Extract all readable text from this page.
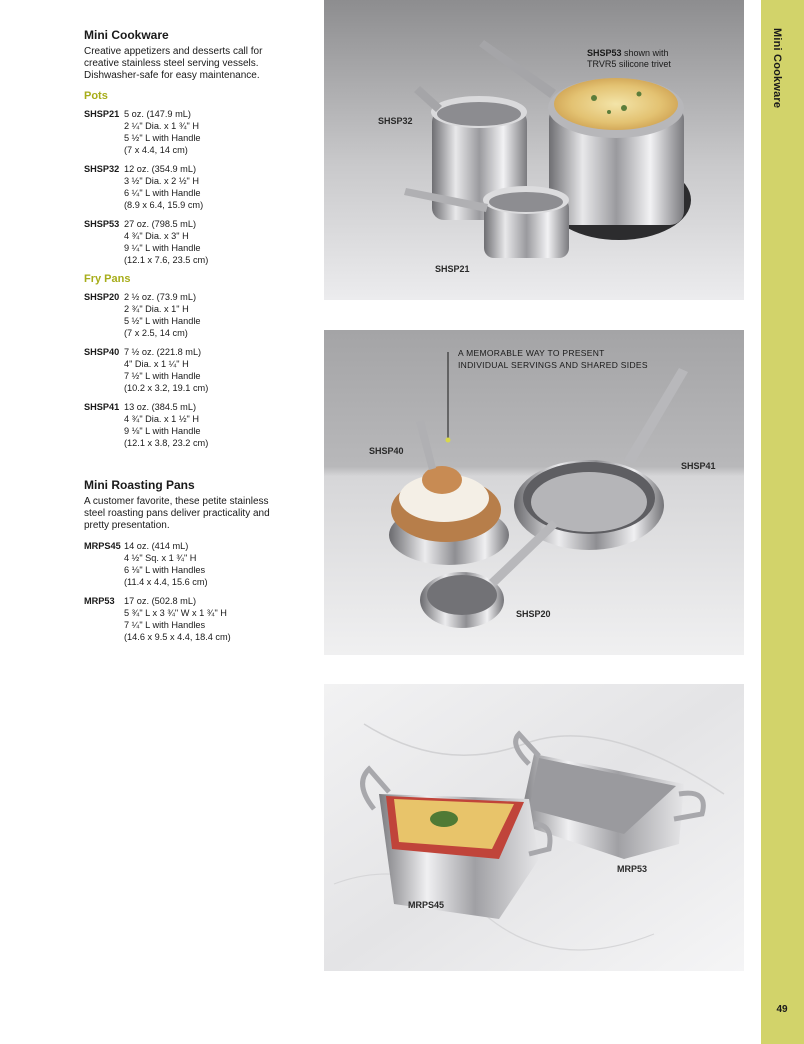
Mini Cookware
49
Mini Cookware
Creative appetizers and desserts call for
creative stainless steel serving vessels.
Dishwasher-safe for easy maintenance.
Pots
SHSP21 5 oz. (147.9 mL)
2 ¼" Dia. x 1 ¾" H
5 ½" L with Handle
(7 x 4.4, 14 cm)
SHSP32 12 oz. (354.9 mL)
3 ½" Dia. x 2 ½" H
6 ¼" L with Handle
(8.9 x 6.4, 15.9 cm)
SHSP53 27 oz. (798.5 mL)
4 ¾" Dia. x 3" H
9 ¼" L with Handle
(12.1 x 7.6, 23.5 cm)
Fry Pans
SHSP20 2 ½ oz. (73.9 mL)
2 ¾" Dia. x 1" H
5 ½" L with Handle
(7 x 2.5, 14 cm)
SHSP40 7 ½ oz. (221.8 mL)
4" Dia. x 1 ¼" H
7 ½" L with Handle
(10.2 x 3.2, 19.1 cm)
SHSP41 13 oz. (384.5 mL)
4 ¾" Dia. x 1 ½" H
9 ⅛" L with Handle
(12.1 x 3.8, 23.2 cm)
Mini Roasting Pans
A customer favorite, these petite stainless
steel roasting pans deliver practicality and
pretty presentation.
MRPS45 14 oz. (414 mL)
4 ½" Sq. x 1 ¾" H
6 ⅛" L with Handles
(11.4 x 4.4, 15.6 cm)
MRP53	17 oz. (502.8 mL)
5 ¾" L x 3 ¾" W x 1 ¾" H
7 ¼" L with Handles
(14.6 x 9.5 x 4.4, 18.4 cm)
SHSP32
SHSP21
SHSP53 shown with
TRVR5 silicone trivet
A MEMORABLE WAY TO PRESENT
INDIVIDUAL SERVINGS AND SHARED SIDES
SHSP40
SHSP41
SHSP20
MRP53
MRPS45
